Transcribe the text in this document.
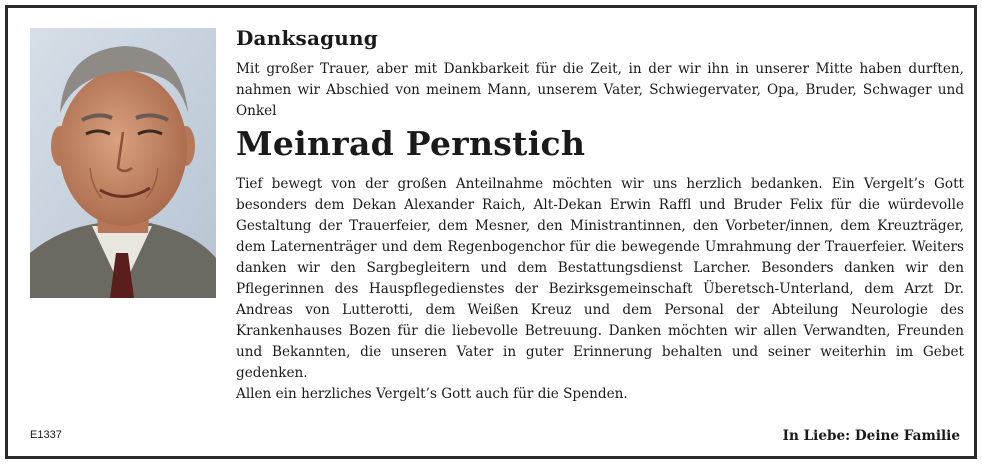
E1337
Danksagung

Mit großer Trauer, aber mit Dankbarkeit für die Zeit, in der wir ihn in unserer Mitte haben durften, nahmen wir Abschied von meinem Mann, unserem Vater, Schwiegervater, Opa, Bruder, Schwager und Onkel

Meinrad Pernstich

Tief bewegt von der großen Anteilnahme möchten wir uns herzlich bedanken. Ein Vergelt’s Gott besonders dem Dekan Alexander Raich, Alt-Dekan Erwin Raffl und Bruder Felix für die würdevolle Gestaltung der Trauerfeier, dem Mesner, den Ministrantinnen, den Vorbeter/innen, dem Kreuzträger, dem Laternenträger und dem Regenbogenchor für die bewegende Umrahmung der Trauerfeier. Weiters danken wir den Sargbegleitern und dem Bestattungsdienst Larcher. Besonders danken wir den Pflegerinnen des Hauspflegedienstes der Bezirksgemeinschaft Überetsch-Unterland, dem Arzt Dr. Andreas von Lutterotti, dem Weißen Kreuz und dem Personal der Abteilung Neurologie des Krankenhauses Bozen für die liebevolle Betreuung. Danken möchten wir allen Verwandten, Freunden und Bekannten, die unseren Vater in guter Erinnerung behalten und seiner weiterhin im Gebet gedenken.

Allen ein herzliches Vergelt’s Gott auch für die Spenden.

In Liebe: Deine Familie
